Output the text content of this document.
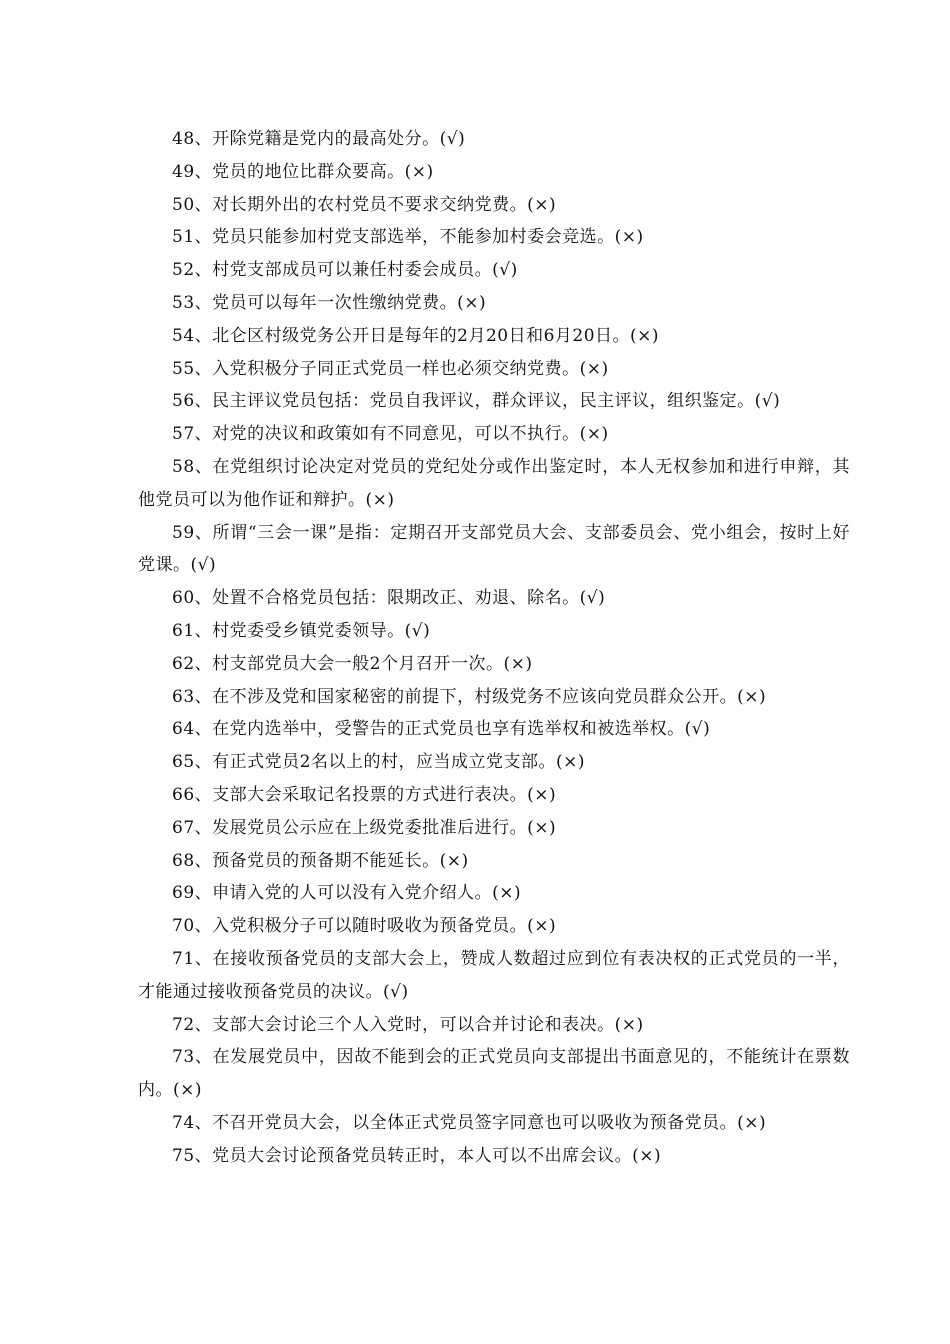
48、开除党籍是党内的最高处分。(√)

49、党员的地位比群众要高。(×)

50、对长期外出的农村党员不要求交纳党费。(×)

51、党员只能参加村党支部选举，不能参加村委会竞选。(×)

52、村党支部成员可以兼任村委会成员。(√)

53、党员可以每年一次性缴纳党费。(×)

54、北仑区村级党务公开日是每年的2月20日和6月20日。(×)

55、入党积极分子同正式党员一样也必须交纳党费。(×)

56、民主评议党员包括：党员自我评议，群众评议，民主评议，组织鉴定。(√)

57、对党的决议和政策如有不同意见，可以不执行。(×)

58、在党组织讨论决定对党员的党纪处分或作出鉴定时，本人无权参加和进行申辩，其他党员可以为他作证和辩护。(×)

59、所谓“三会一课”是指：定期召开支部党员大会、支部委员会、党小组会，按时上好党课。(√)

60、处置不合格党员包括：限期改正、劝退、除名。(√)

61、村党委受乡镇党委领导。(√)

62、村支部党员大会一般2个月召开一次。(×)

63、在不涉及党和国家秘密的前提下，村级党务不应该向党员群众公开。(×)

64、在党内选举中，受警告的正式党员也享有选举权和被选举权。(√)

65、有正式党员2名以上的村，应当成立党支部。(×)

66、支部大会采取记名投票的方式进行表决。(×)

67、发展党员公示应在上级党委批准后进行。(×)

68、预备党员的预备期不能延长。(×)

69、申请入党的人可以没有入党介绍人。(×)

70、入党积极分子可以随时吸收为预备党员。(×)

71、在接收预备党员的支部大会上，赞成人数超过应到位有表决权的正式党员的一半，才能通过接收预备党员的决议。(√)

72、支部大会讨论三个人入党时，可以合并讨论和表决。(×)

73、在发展党员中，因故不能到会的正式党员向支部提出书面意见的，不能统计在票数内。(×)

74、不召开党员大会，以全体正式党员签字同意也可以吸收为预备党员。(×)

75、党员大会讨论预备党员转正时，本人可以不出席会议。(×)
